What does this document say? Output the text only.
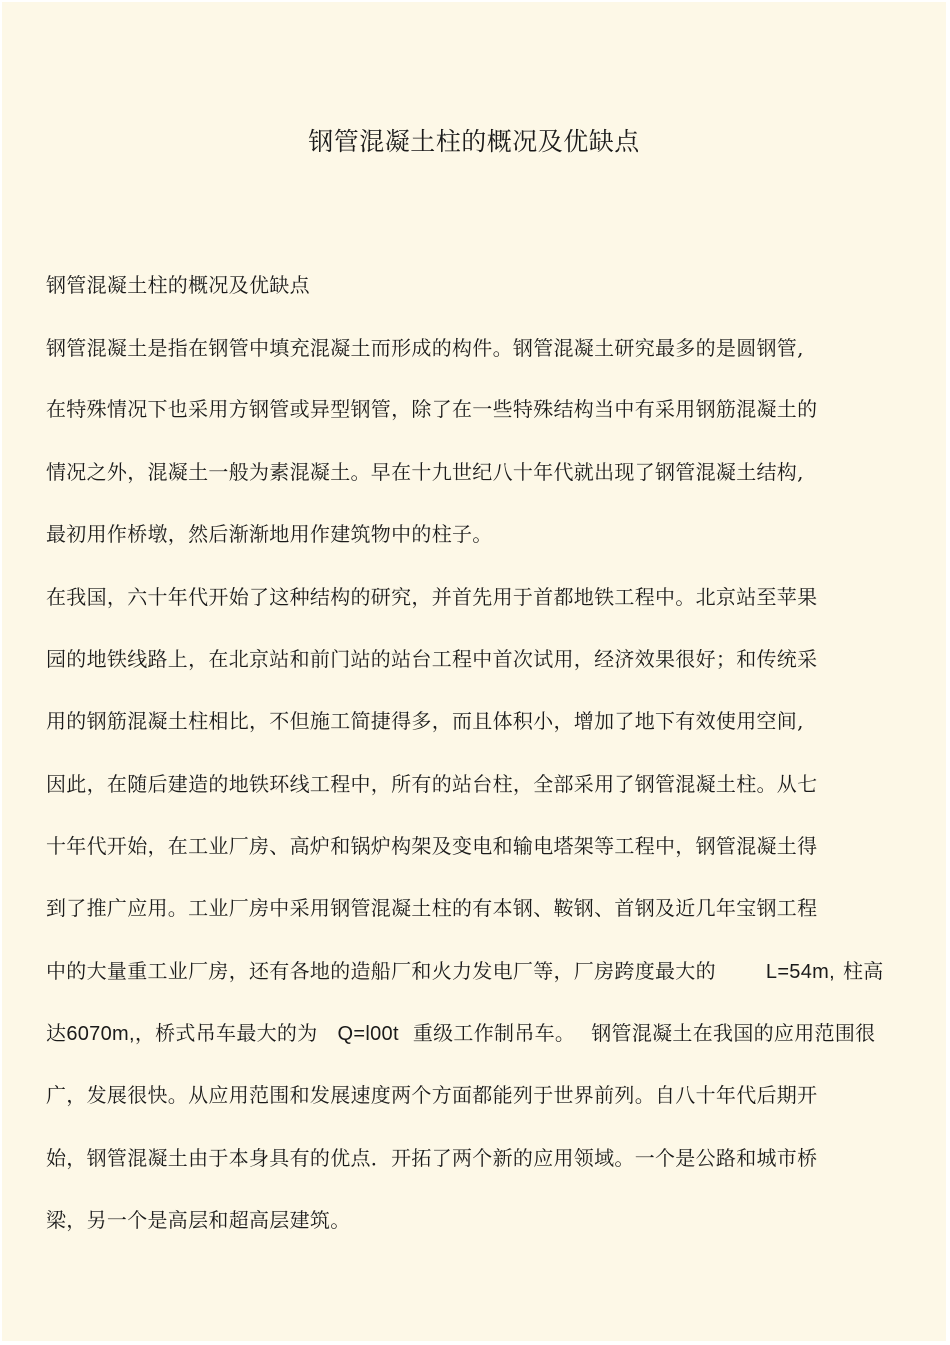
钢管混凝土柱的概况及优缺点
钢管混凝土柱的概况及优缺点
钢管混凝土是指在钢管中填充混凝土而形成的构件。钢管混凝土研究最多的是圆钢管,
在特殊情况下也采用方钢管或异型钢管，除了在一些特殊结构当中有采用钢筋混凝土的
情况之外，混凝土一般为素混凝土。早在十九世纪八十年代就出现了钢管混凝土结构,
最初用作桥墩，然后渐渐地用作建筑物中的柱子。
在我国，六十年代开始了这种结构的研究，并首先用于首都地铁工程中。北京站至苹果
园的地铁线路上，在北京站和前门站的站台工程中首次试用，经济效果很好；和传统采
用的钢筋混凝土柱相比，不但施工简捷得多，而且体积小，增加了地下有效使用空间,
因此，在随后建造的地铁环线工程中，所有的站台柱，全部采用了钢管混凝土柱。从七
十年代开始，在工业厂房、高炉和锅炉构架及变电和输电塔架等工程中，钢管混凝土得
到了推广应用。工业厂房中采用钢管混凝土柱的有本钢、鞍钢、首钢及近几年宝钢工程
中的大量重工业厂房，还有各地的造船厂和火力发电厂等，厂房跨度最大的	L=54m, 柱高
达6070m,，桥式吊车最大的为 Q=l00t 重级工作制吊车。 钢管混凝土在我国的应用范围很
广，发展很快。从应用范围和发展速度两个方面都能列于世界前列。自八十年代后期开
始，钢管混凝土由于本身具有的优点．开拓了两个新的应用领域。一个是公路和城市桥
梁，另一个是高层和超高层建筑。
